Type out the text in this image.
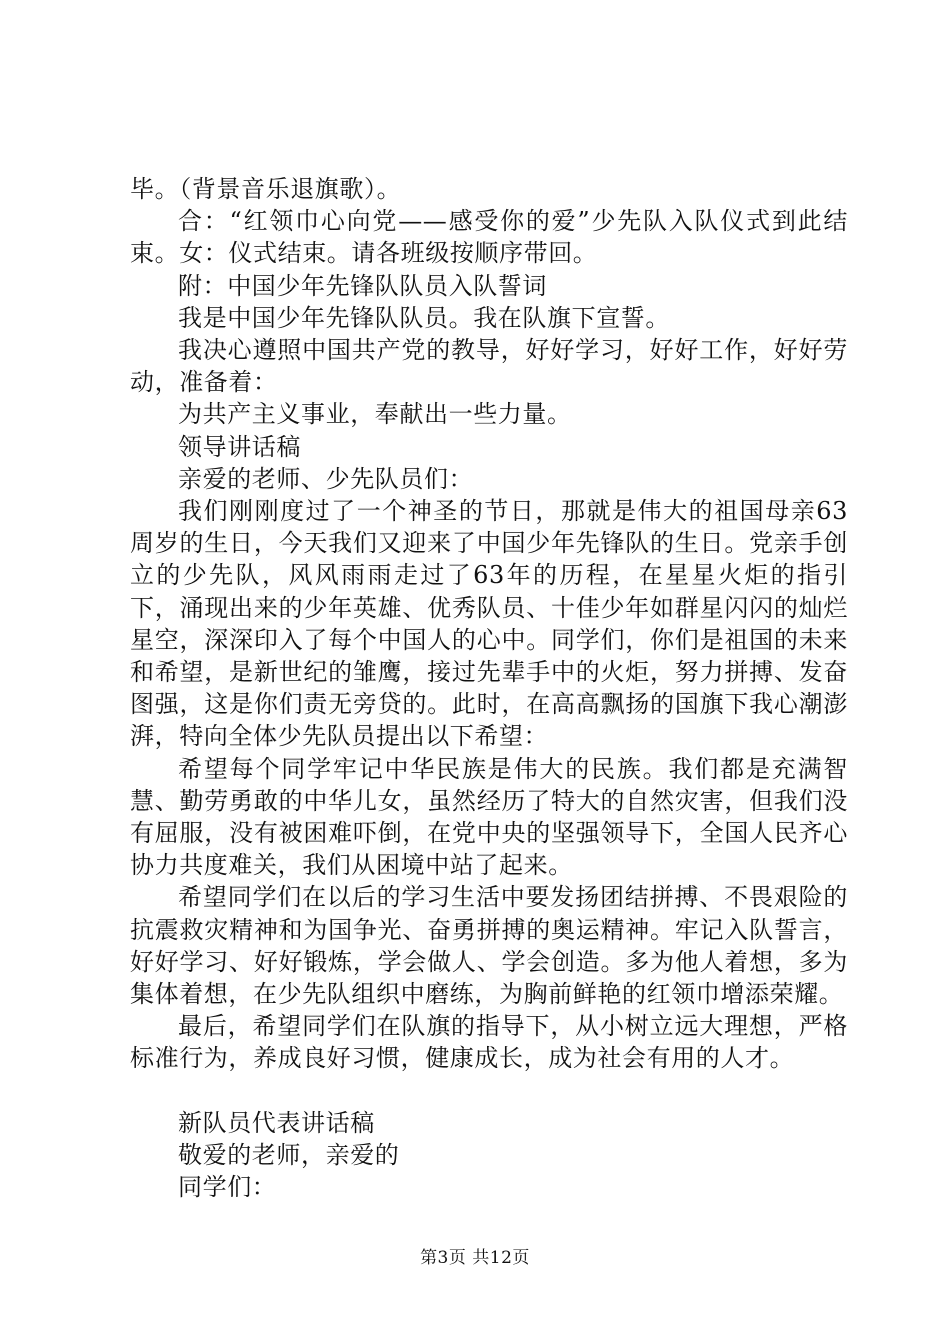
毕。（背景音乐退旗歌）。

合：“红领巾心向党——感受你的爱”少先队入队仪式到此结束。女：仪式结束。请各班级按顺序带回。

附：中国少年先锋队队员入队誓词

我是中国少年先锋队队员。我在队旗下宣誓。

我决心遵照中国共产党的教导，好好学习，好好工作，好好劳动，准备着：

为共产主义事业，奉献出一些力量。

领导讲话稿

亲爱的老师、少先队员们：

我们刚刚度过了一个神圣的节日，那就是伟大的祖国母亲63周岁的生日，今天我们又迎来了中国少年先锋队的生日。党亲手创立的少先队，风风雨雨走过了63年的历程，在星星火炬的指引下，涌现出来的少年英雄、优秀队员、十佳少年如群星闪闪的灿烂星空，深深印入了每个中国人的心中。同学们，你们是祖国的未来和希望，是新世纪的雏鹰，接过先辈手中的火炬，努力拼搏、发奋图强，这是你们责无旁贷的。此时，在高高飘扬的国旗下我心潮澎湃，特向全体少先队员提出以下希望：

希望每个同学牢记中华民族是伟大的民族。我们都是充满智慧、勤劳勇敢的中华儿女，虽然经历了特大的自然灾害，但我们没有屈服，没有被困难吓倒，在党中央的坚强领导下，全国人民齐心协力共度难关，我们从困境中站了起来。

希望同学们在以后的学习生活中要发扬团结拼搏、不畏艰险的抗震救灾精神和为国争光、奋勇拼搏的奥运精神。牢记入队誓言，好好学习、好好锻炼，学会做人、学会创造。多为他人着想，多为集体着想，在少先队组织中磨练，为胸前鲜艳的红领巾增添荣耀。

最后，希望同学们在队旗的指导下，从小树立远大理想，严格标准行为，养成良好习惯，健康成长，成为社会有用的人才。

新队员代表讲话稿

敬爱的老师，亲爱的

同学们：

第3页 共12页
